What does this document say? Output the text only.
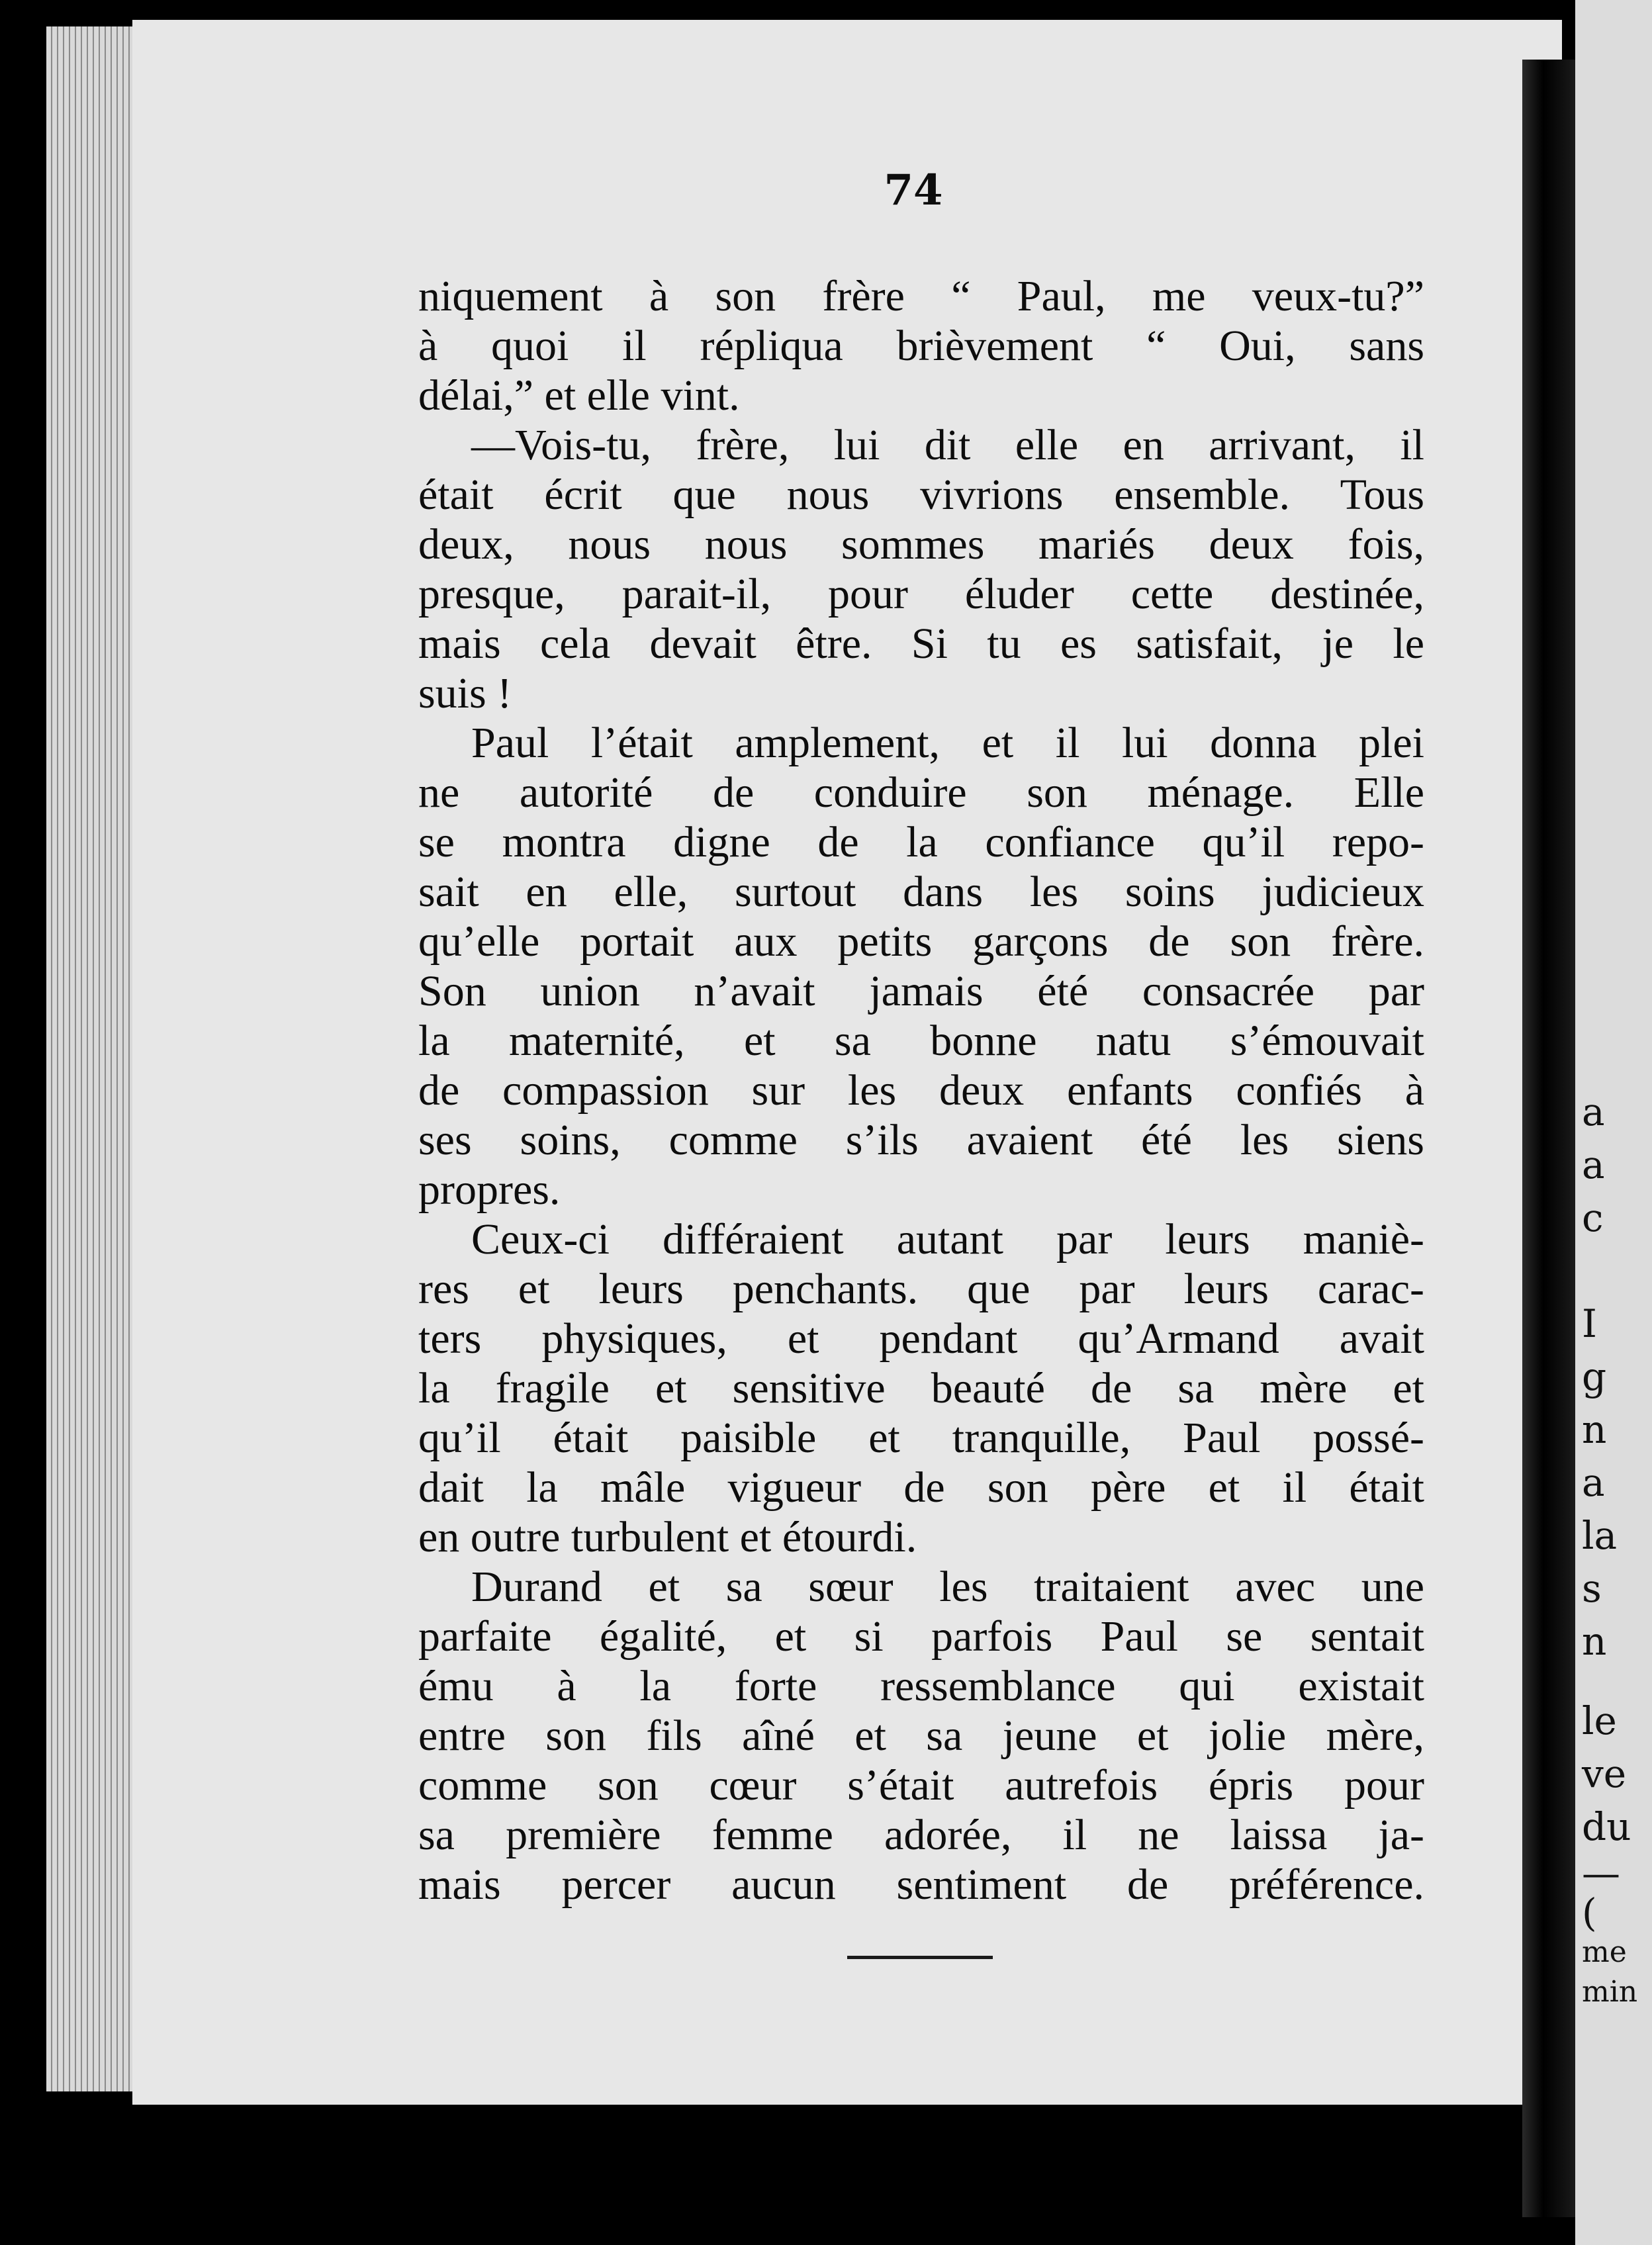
a
a
c
I
g
n
a
la
s
n
le
ve
du
—
(
me
min
74
niquement à son frère “ Paul, me veux-tu?”
à quoi il répliqua brièvement “ Oui, sans
délai,” et elle vint.
—Vois-tu, frère, lui dit elle en arrivant, il
était écrit que nous vivrions ensemble. Tous
deux, nous nous sommes mariés deux fois,
presque, parait-il, pour éluder cette destinée,
mais cela devait être. Si tu es satisfait, je le
suis !
Paul l’était amplement, et il lui donna plei
ne autorité de conduire son ménage. Elle
se montra digne de la confiance qu’il repo-
sait en elle, surtout dans les soins judicieux
qu’elle portait aux petits garçons de son frère.
Son union n’avait jamais été consacrée par
la maternité, et sa bonne natu s’émouvait
de compassion sur les deux enfants confiés à
ses soins, comme s’ils avaient été les siens
propres.
Ceux-ci différaient autant par leurs maniè-
res et leurs penchants. que par leurs carac-
ters physiques, et pendant qu’Armand avait
la fragile et sensitive beauté de sa mère et
qu’il était paisible et tranquille, Paul possé-
dait la mâle vigueur de son père et il était
en outre turbulent et étourdi.
Durand et sa sœur les traitaient avec une
parfaite égalité, et si parfois Paul se sentait
ému à la forte ressemblance qui existait
entre son fils aîné et sa jeune et jolie mère,
comme son cœur s’était autrefois épris pour
sa première femme adorée, il ne laissa ja-
mais percer aucun sentiment de préférence.
